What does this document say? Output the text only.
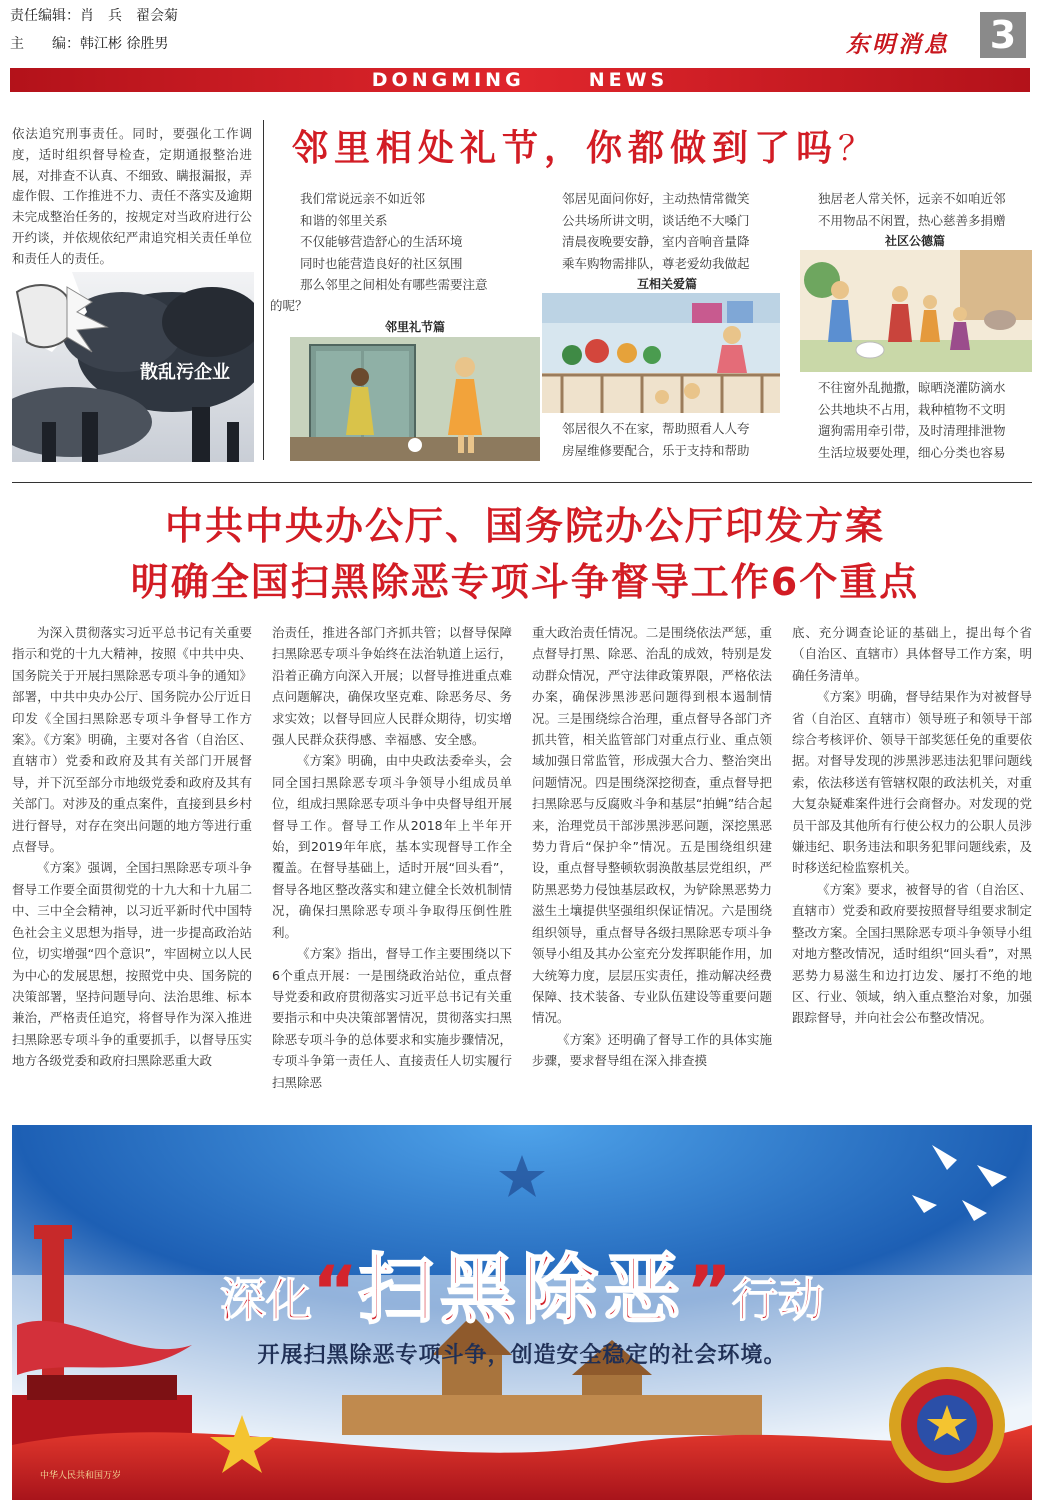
责任编辑：肖　兵　翟会菊
主　　编：韩江彬 徐胜男	东明消息 3
DONGMING	NEWS

依法追究刑事责任。同时，要强化工作调度，适时组织督导检查，定期通报整治进展，对排查不认真、不细致、瞒报漏报，弄虚作假、工作推进不力、责任不落实及逾期未完成整治任务的，按规定对当政府进行公开约谈，并依规依纪严肃追究相关责任单位和责任人的责任。

散乱污企业
邻里相处礼节，你都做到了吗？

我们常说远亲不如近邻

和谐的邻里关系

不仅能够营造舒心的生活环境

同时也能营造良好的社区氛围

那么邻里之间相处有哪些需要注意

的呢？

邻里礼节篇

邻居见面问你好，主动热情常微笑

公共场所讲文明，谈话绝不大嗓门

清晨夜晚要安静，室内音响音量降

乘车购物需排队，尊老爱幼我做起

互相关爱篇

邻居很久不在家，帮助照看人人夸

房屋维修要配合，乐于支持和帮助

独居老人常关怀，远亲不如咱近邻

不用物品不闲置，热心慈善多捐赠

社区公德篇

不往窗外乱抛撒，晾晒浇灌防滴水

公共地块不占用，栽种植物不文明

遛狗需用牵引带，及时清理排泄物

生活垃圾要处理，细心分类也容易

中共中央办公厅、国务院办公厅印发方案
明确全国扫黑除恶专项斗争督导工作6个重点

为深入贯彻落实习近平总书记有关重要指示和党的十九大精神，按照《中共中央、国务院关于开展扫黑除恶专项斗争的通知》部署，中共中央办公厅、国务院办公厅近日印发《全国扫黑除恶专项斗争督导工作方案》。《方案》明确，主要对各省（自治区、直辖市）党委和政府及其有关部门开展督导，并下沉至部分市地级党委和政府及其有关部门。对涉及的重点案件，直接到县乡村进行督导，对存在突出问题的地方等进行重点督导。

《方案》强调，全国扫黑除恶专项斗争督导工作要全面贯彻党的十九大和十九届二中、三中全会精神，以习近平新时代中国特色社会主义思想为指导，进一步提高政治站位，切实增强“四个意识”，牢固树立以人民为中心的发展思想，按照党中央、国务院的决策部署，坚持问题导向、法治思维、标本兼治，严格责任追究，将督导作为深入推进扫黑除恶专项斗争的重要抓手，以督导压实地方各级党委和政府扫黑除恶重大政

治责任，推进各部门齐抓共管；以督导保障扫黑除恶专项斗争始终在法治轨道上运行，沿着正确方向深入开展；以督导推进重点难点问题解决，确保攻坚克难、除恶务尽、务求实效；以督导回应人民群众期待，切实增强人民群众获得感、幸福感、安全感。

《方案》明确，由中央政法委牵头，会同全国扫黑除恶专项斗争领导小组成员单位，组成扫黑除恶专项斗争中央督导组开展督导工作。督导工作从2018年上半年开始，到2019年年底，基本实现督导工作全覆盖。在督导基础上，适时开展“回头看”，督导各地区整改落实和建立健全长效机制情况，确保扫黑除恶专项斗争取得压倒性胜利。

《方案》指出，督导工作主要围绕以下6个重点开展：一是围绕政治站位，重点督导党委和政府贯彻落实习近平总书记有关重要指示和中央决策部署情况，贯彻落实扫黑除恶专项斗争的总体要求和实施步骤情况，专项斗争第一责任人、直接责任人切实履行扫黑除恶

重大政治责任情况。二是围绕依法严惩，重点督导打黑、除恶、治乱的成效，特别是发动群众情况，严守法律政策界限，严格依法办案，确保涉黑涉恶问题得到根本遏制情况。三是围绕综合治理，重点督导各部门齐抓共管，相关监管部门对重点行业、重点领域加强日常监管，形成强大合力、整治突出问题情况。四是围绕深挖彻查，重点督导把扫黑除恶与反腐败斗争和基层“拍蝇”结合起来，治理党员干部涉黑涉恶问题，深挖黑恶势力背后“保护伞”情况。五是围绕组织建设，重点督导整顿软弱涣散基层党组织，严防黑恶势力侵蚀基层政权，为铲除黑恶势力滋生土壤提供坚强组织保证情况。六是围绕组织领导，重点督导各级扫黑除恶专项斗争领导小组及其办公室充分发挥职能作用，加大统筹力度，层层压实责任，推动解决经费保障、技术装备、专业队伍建设等重要问题情况。

《方案》还明确了督导工作的具体实施步骤，要求督导组在深入排查摸

底、充分调查论证的基础上，提出每个省（自治区、直辖市）具体督导工作方案，明确任务清单。

《方案》明确，督导结果作为对被督导省（自治区、直辖市）领导班子和领导干部综合考核评价、领导干部奖惩任免的重要依据。对督导发现的涉黑涉恶违法犯罪问题线索，依法移送有管辖权限的政法机关，对重大复杂疑难案件进行会商督办。对发现的党员干部及其他所有行使公权力的公职人员涉嫌违纪、职务违法和职务犯罪问题线索，及时移送纪检监察机关。

《方案》要求，被督导的省（自治区、直辖市）党委和政府要按照督导组要求制定整改方案。全国扫黑除恶专项斗争领导小组对地方整改情况，适时组织“回头看”，对黑恶势力易滋生和边打边发、屡打不绝的地区、行业、领域，纳入重点整治对象，加强跟踪督导，并向社会公布整改情况。

深化“扫黑除恶”行动
开展扫黑除恶专项斗争，创造安全稳定的社会环境。
中华人民共和国万岁
